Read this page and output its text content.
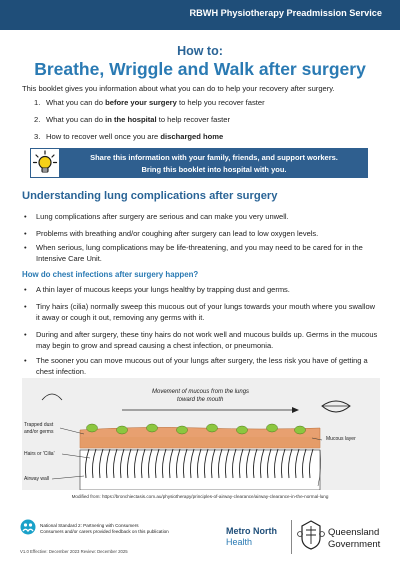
RBWH Physiotherapy Preadmission Service
How to:
Breathe, Wriggle and Walk after surgery
This booklet gives you information about what you can do to help your recovery after surgery.
1. What you can do before your surgery to help you recover faster
2. What you can do in the hospital to help recover faster
3. How to recover well once you are discharged home
Share this information with your family, friends, and support workers.
Bring this booklet into hospital with you.
Understanding lung complications after surgery
• Lung complications after surgery are serious and can make you very unwell.
• Problems with breathing and/or coughing after surgery can lead to low oxygen levels.
• When serious, lung complications may be life-threatening, and you may need to be cared for in the Intensive Care Unit.
How do chest infections after surgery happen?
• A thin layer of mucous keeps your lungs healthy by trapping dust and germs.
• Tiny hairs (cilia) normally sweep this mucous out of your lungs towards your mouth where you swallow it away or cough it out, removing any germs with it.
• During and after surgery, these tiny hairs do not work well and mucous builds up. Germs in the mucous may begin to grow and spread causing a chest infection, or pneumonia.
• The sooner you can move mucous out of your lungs after surgery, the less risk you have of getting a chest infection.
Movement of mucous from the lungs
toward the mouth
Trapped dust
and/or germs
Hairs or 'Cilia'
Airway wall
Mucous layer
Modified from: https://bronchiectasis.com.au/physiotherapy/principles-of-airway-clearance/airway-clearance-in-the-normal-lung
National Standard 2: Partnering with Consumers
Consumers and/or carers provided feedback on this publication
V1.0 Effective: December 2023 Review: December 2025
Metro North
Health
Queensland
Government
